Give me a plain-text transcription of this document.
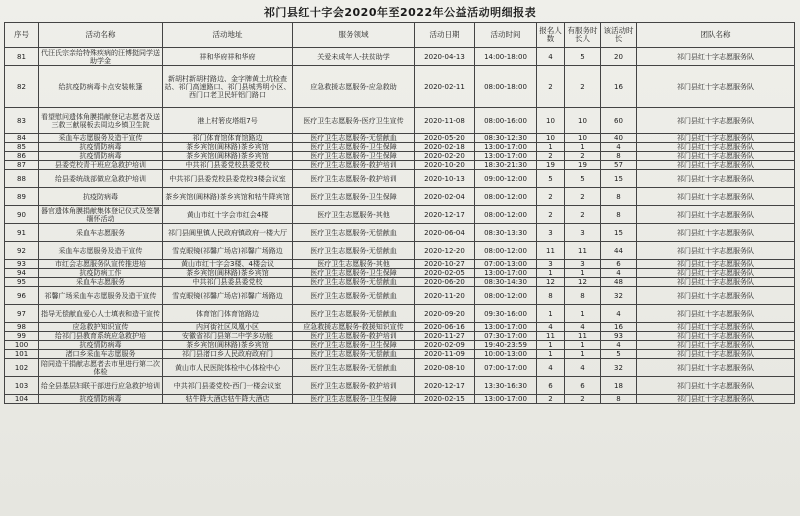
祁门县红十字会2020年至2022年公益活动明细报表
序号	活动名称	活动地址	服务领域	活动日期	活动时间	报名人数	有服务时长人	该活动时长	团队名称
81	代汪氏宗亲给特殊疾病的汪博挺同学送助学金	祥和华府祥和华府	关爱未成年人-扶贫助学	2020-04-13	14:00-18:00	4	5	20	祁门县红十字志愿服务队
82	给抗疫防病毒卡点安装帐篷	新胡村新胡村路边、金字牌黄土坑检查站、祁门高速路口、祁门县城秀明小区、西门口老卫民轩铝门路口	应急救援志愿服务-应急救助	2020-02-11	08:00-18:00	2	2	16	祁门县红十字志愿服务队
83	看望慰问遗体角膜捐献登记志愿者及送三救三献展板去周边乡镇卫生院	港上村箬皮塔组7号	医疗卫生志愿服务-医疗卫生宣传	2020-11-08	08:00-16:00	10	10	60	祁门县红十字志愿服务队
84	采血车志愿服务及造干宣传	祁门体育馆体育馆路边	医疗卫生志愿服务-无偿献血	2020-05-20	08:30-12:30	10	10	40	祁门县红十字志愿服务队
85	抗疫情防病毒	茶乡宾馆(阊林路)茶乡宾馆	医疗卫生志愿服务-卫生保障	2020-02-18	13:00-17:00	1	1	4	祁门县红十字志愿服务队
86	抗疫情防病毒	茶乡宾馆(阊林路)茶乡宾馆	医疗卫生志愿服务-卫生保障	2020-02-20	13:00-17:00	2	2	8	祁门县红十字志愿服务队
87	县委党校青干班应急救护培训	中共祁门县委党校县委党校	医疗卫生志愿服务-救护培训	2020-10-20	18:30-21:30	19	19	57	祁门县红十字志愿服务队
88	给县委统战部做应急救护培训	中共祁门县委党校县委党校3楼会议室	医疗卫生志愿服务-救护培训	2020-10-13	09:00-12:00	5	5	15	祁门县红十字志愿服务队
89	抗疫防病毒	茶乡宾馆(阊林路)茶乡宾馆和牯牛降宾馆	医疗卫生志愿服务-卫生保障	2020-02-04	08:00-12:00	2	2	8	祁门县红十字志愿服务队
90	器官遗体角膜捐献集体登记仪式及签署缅怀活动	黄山市红十字会市红会4楼	医疗卫生志愿服务-其他	2020-12-17	08:00-12:00	2	2	8	祁门县红十字志愿服务队
91	采血车志愿服务	祁门县阊里镇人民政府镇政府一楼大厅	医疗卫生志愿服务-无偿献血	2020-06-04	08:30-13:30	3	3	15	祁门县红十字志愿服务队
92	采血车志愿服务及造干宣传	雪克眼镜(祁馨广场店)祁馨广场路边	医疗卫生志愿服务-无偿献血	2020-12-20	08:00-12:00	11	11	44	祁门县红十字志愿服务队
93	市红会志愿服务队宣传推进培	黄山市红十字会3楼、4楼会议	医疗卫生志愿服务-其他	2020-10-27	07:00-13:00	3	3	6	祁门县红十字志愿服务队
94	抗疫防病工作	茶乡宾馆(阊林路)茶乡宾馆	医疗卫生志愿服务-卫生保障	2020-02-05	13:00-17:00	1	1	4	祁门县红十字志愿服务队
95	采血车志愿服务	中共祁门县委县委党校	医疗卫生志愿服务-无偿献血	2020-06-20	08:30-14:30	12	12	48	祁门县红十字志愿服务队
96	祁馨广场采血车志愿服务及造干宣传	雪克眼镜(祁馨广场店)祁馨广场路边	医疗卫生志愿服务-无偿献血	2020-11-20	08:00-12:00	8	8	32	祁门县红十字志愿服务队
97	指导无偿献血爱心人士填表和造干宣传	体育馆门体育馆路边	医疗卫生志愿服务-无偿献血	2020-09-20	09:30-16:00	1	1	4	祁门县红十字志愿服务队
98	应急救护知识宣传	内河街社区凤凰小区	应急救援志愿服务-救援知识宣传	2020-06-16	13:00-17:00	4	4	16	祁门县红十字志愿服务队
99	给祁门县教育系统应急救护培	安徽省祁门县第二中学多功能	医疗卫生志愿服务-救护培训	2020-11-27	07:30-17:00	11	11	93	祁门县红十字志愿服务队
100	抗疫情防病毒	茶乡宾馆(阊林路)茶乡宾馆	医疗卫生志愿服务-卫生保障	2020-02-09	19:40-23:59	1	1	4	祁门县红十字志愿服务队
101	渚口乡采血车志愿服务	祁门县渚口乡人民政府政府门	医疗卫生志愿服务-无偿献血	2020-11-09	10:00-13:00	1	1	5	祁门县红十字志愿服务队
102	陪同造干捐献志愿者去市里进行第二次体检	黄山市人民医院体检中心体检中心	医疗卫生志愿服务-无偿献血	2020-08-10	07:00-17:00	4	4	32	祁门县红十字志愿服务队
103	给全县基层妇联干部进行应急救护培训	中共祁门县委党校-西门一楼会议室	医疗卫生志愿服务-救护培训	2020-12-17	13:30-16:30	6	6	18	祁门县红十字志愿服务队
104	抗疫情防病毒	牯牛降大酒店牯牛降大酒店	医疗卫生志愿服务-卫生保障	2020-02-15	13:00-17:00	2	2	8	祁门县红十字志愿服务队
